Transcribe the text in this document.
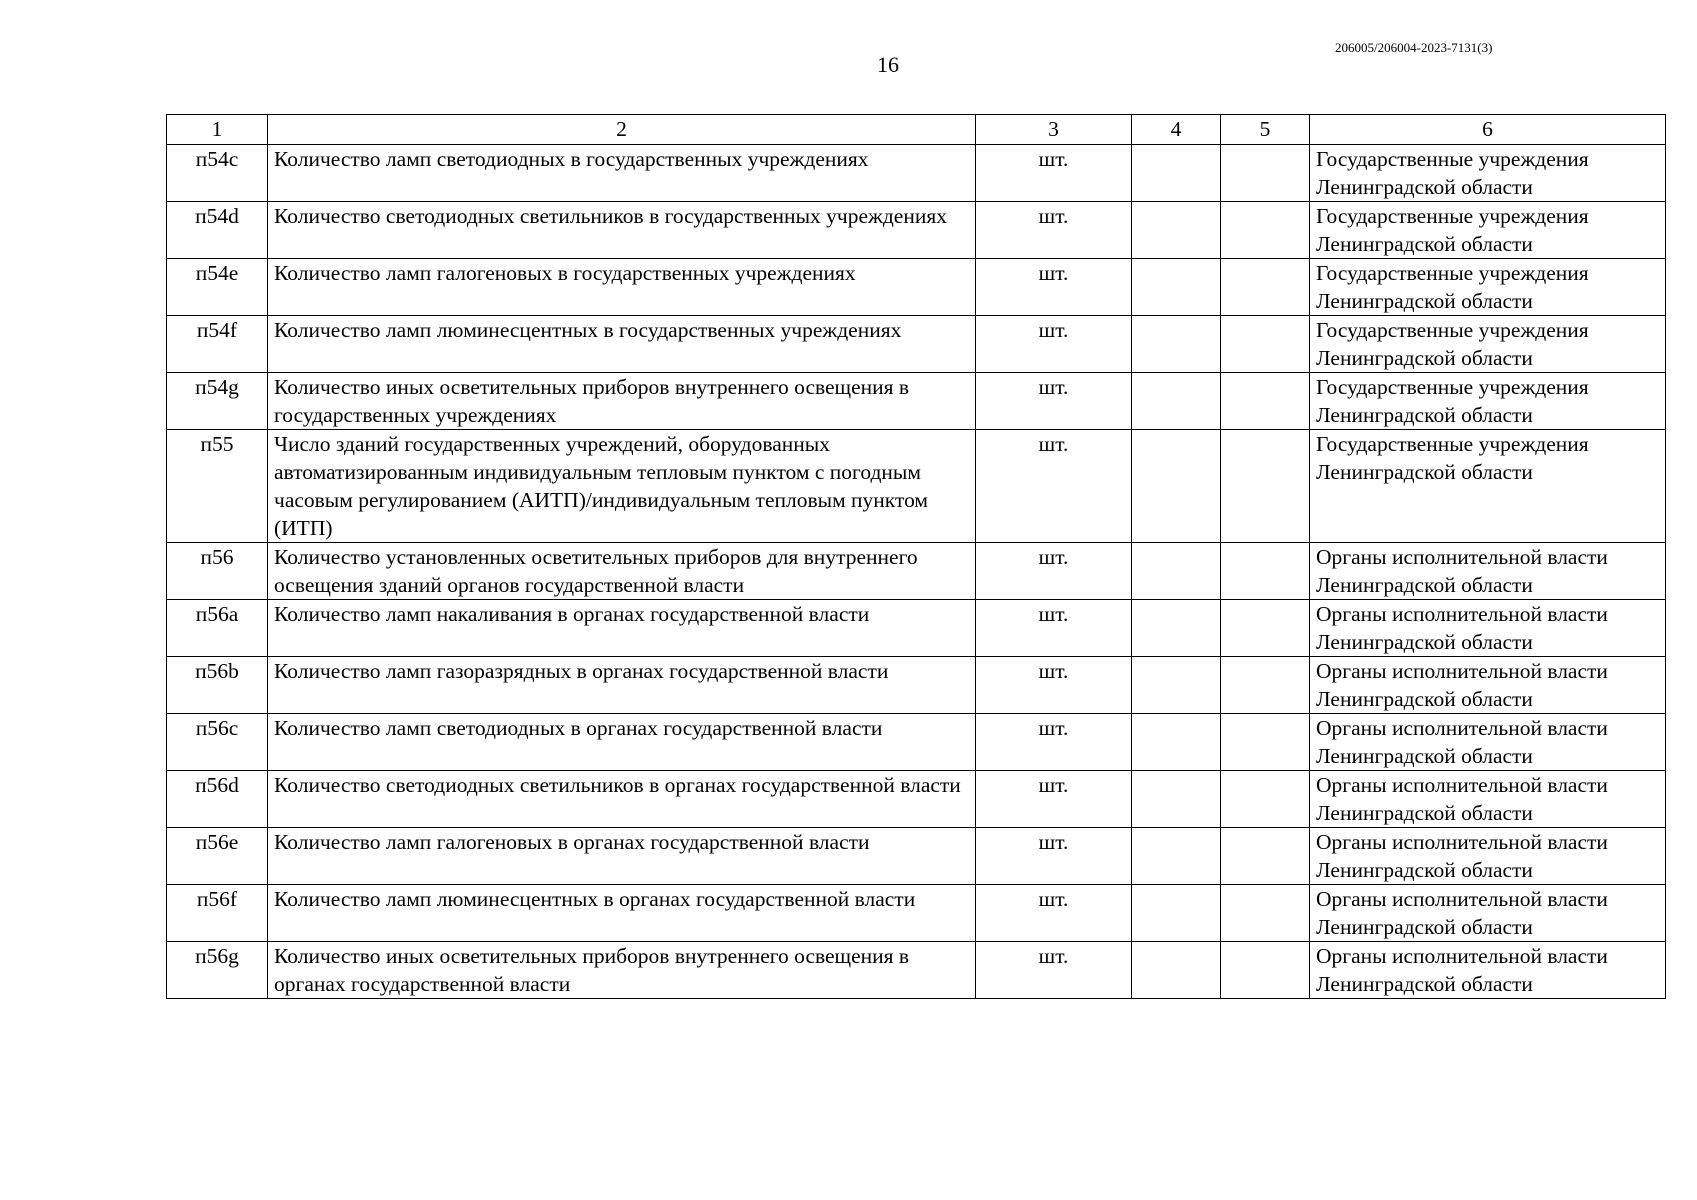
206005/206004-2023-7131(3)
16
1	2	3	4	5	6
п54c	Количество ламп светодиодных в государственных учреждениях	шт.			Государственные учреждения Ленинградской области
п54d	Количество светодиодных светильников в государственных учреждениях	шт.			Государственные учреждения Ленинградской области
п54e	Количество ламп галогеновых в государственных учреждениях	шт.			Государственные учреждения Ленинградской области
п54f	Количество ламп люминесцентных в государственных учреждениях	шт.			Государственные учреждения Ленинградской области
п54g	Количество иных осветительных приборов внутреннего освещения в государственных учреждениях	шт.			Государственные учреждения Ленинградской области
п55	Число зданий государственных учреждений, оборудованных автоматизированным индивидуальным тепловым пунктом с погодным часовым регулированием (АИТП)/индивидуальным тепловым пунктом (ИТП)	шт.			Государственные учреждения Ленинградской области
п56	Количество установленных осветительных приборов для внутреннего освещения зданий органов государственной власти	шт.			Органы исполнительной власти Ленинградской области
п56a	Количество ламп накаливания в органах государственной власти	шт.			Органы исполнительной власти Ленинградской области
п56b	Количество ламп газоразрядных в органах государственной власти	шт.			Органы исполнительной власти Ленинградской области
п56c	Количество ламп светодиодных в органах государственной власти	шт.			Органы исполнительной власти Ленинградской области
п56d	Количество светодиодных светильников в органах государственной власти	шт.			Органы исполнительной власти Ленинградской области
п56e	Количество ламп галогеновых в органах государственной власти	шт.			Органы исполнительной власти Ленинградской области
п56f	Количество ламп люминесцентных в органах государственной власти	шт.			Органы исполнительной власти Ленинградской области
п56g	Количество иных осветительных приборов внутреннего освещения в органах государственной власти	шт.			Органы исполнительной власти Ленинградской области
